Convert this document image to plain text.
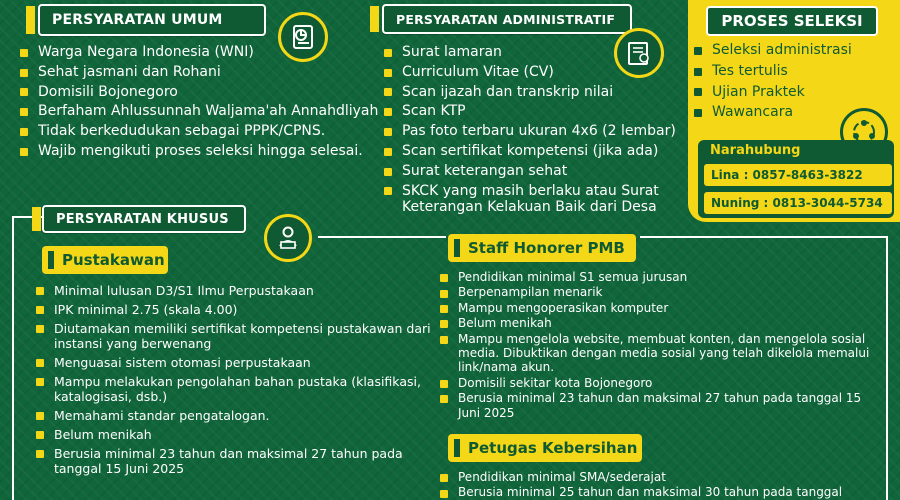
PERSYARATAN UMUM
Warga Negara Indonesia (WNI)
Sehat jasmani dan Rohani
Domisili Bojonegoro
Berfaham Ahlussunnah Waljama'ah Annahdliyah
Tidak berkedudukan sebagai PPPK/CPNS.
Wajib mengikuti proses seleksi hingga selesai.
PERSYARATAN ADMINISTRATIF
Surat lamaran
Curriculum Vitae (CV)
Scan ijazah dan transkrip nilai
Scan KTP
Pas foto terbaru ukuran 4x6 (2 lembar)
Scan sertifikat kompetensi (jika ada)
Surat keterangan sehat
SKCK yang masih berlaku atau Surat Keterangan Kelakuan Baik dari Desa
PROSES SELEKSI
Seleksi administrasi
Tes tertulis
Ujian Praktek
Wawancara
Narahubung
Lina : 0857-8463-3822
Nuning : 0813-3044-5734
PERSYARATAN KHUSUS
Pustakawan
Minimal lulusan D3/S1 Ilmu Perpustakaan
IPK minimal 2.75 (skala 4.00)
Diutamakan memiliki sertifikat kompetensi pustakawan dari instansi yang berwenang
Menguasai sistem otomasi perpustakaan
Mampu melakukan pengolahan bahan pustaka (klasifikasi, katalogisasi, dsb.)
Memahami standar pengatalogan.
Belum menikah
Berusia minimal 23 tahun dan maksimal 27 tahun pada tanggal 15 Juni 2025
Staff Honorer PMB
Pendidikan minimal S1 semua jurusan
Berpenampilan menarik
Mampu mengoperasikan komputer
Belum menikah
Mampu mengelola website, membuat konten, dan mengelola sosial media. Dibuktikan dengan media sosial yang telah dikelola memalui link/nama akun.
Domisili sekitar kota Bojonegoro
Berusia minimal 23 tahun dan maksimal 27 tahun pada tanggal 15 Juni 2025
Petugas Kebersihan
Pendidikan minimal SMA/sederajat
Berusia minimal 25 tahun dan maksimal 30 tahun pada tanggal
